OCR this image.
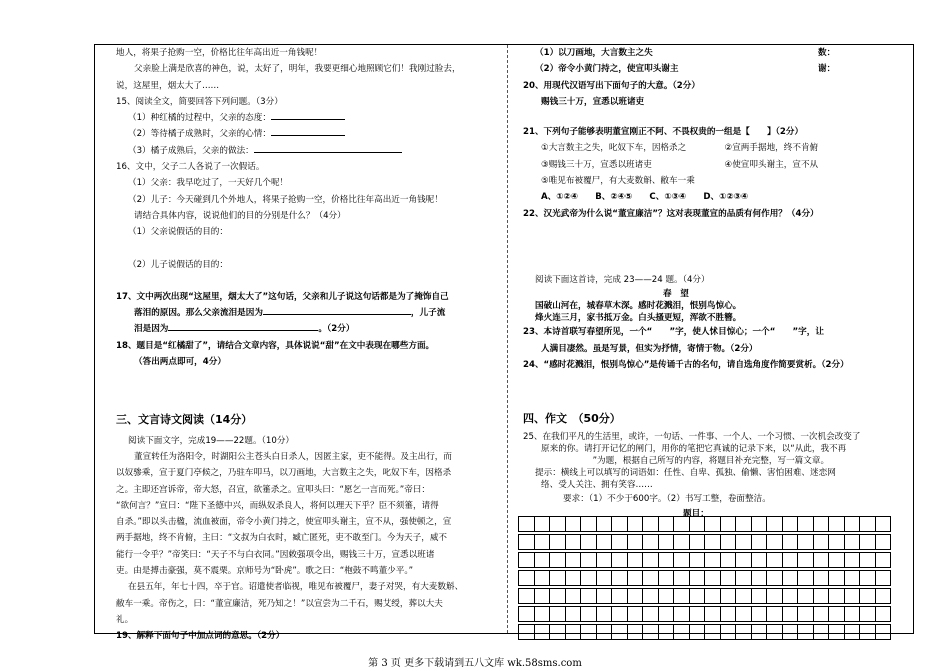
地人，将果子抢购一空，价格比往年高出近一角钱呢！
父亲脸上满是欣喜的神色，说，太好了，明年，我要更细心地照顾它们！我刚过脸去，
说，这屋里，烟太大了……
15、阅读全文，简要回答下列问题。（3分）
（1）种红橘的过程中，父亲的态度：
（2）等待橘子成熟时，父亲的心情：
（3）橘子成熟后，父亲的做法：
16、文中，父子二人各说了一次假话。
（1）父亲：我早吃过了，一天好几个呢！
（2）儿子：今天碰到几个外地人，将果子抢购一空，价格比往年高出近一角钱呢！
请结合具体内容，说说他们的目的分别是什么？（4分）
（1）父亲说假话的目的：
（2）儿子说假话的目的：
17、文中两次出现“这屋里，烟太大了”这句话，父亲和儿子说这句话都是为了掩饰自己
落泪的原因。那么父亲流泪是因为	，儿子流
泪是因为	。（2分）
18、题目是“红橘甜了”，请结合文章内容，具体说说“甜”在文中表现在哪些方面。
（答出两点即可，4分）
三、文言诗文阅读（14分）
阅读下面文字，完成19——22题。（10分）
董宣转任为洛阳令，时湖阳公主苍头白日杀人，因匿主家，吏不能得。及主出行，而
以奴骖乘，宣于夏门亭候之，乃驻车叩马，以刀画地，大言数主之失，叱奴下车，因格杀
之。主即还宫诉帝，帝大怒，召宣，欲箠杀之。宣叩头曰：“愿乞一言而死。”帝曰：
“欲何言？”宣曰：“陛下圣德中兴，而纵奴杀良人，将何以理天下乎？臣不须箠，请得
自杀。”即以头击楹，流血被面，帝令小黄门持之，使宣叩头谢主，宣不从，强使顿之，宣
两手据地，终不肯俯，主曰：“文叔为白衣时，臧亡匿死，吏不敢至门。今为天子，威不
能行一令乎？”帝笑曰：“天子不与白衣同。”因敕强项令出，赐钱三十万，宣悉以班诸
吏。由是搏击豪强，莫不震栗。京师号为“卧虎”。歌之曰：“枹鼓不鸣董少平。”
在县五年，年七十四，卒于官。诏遣使者临视，唯见布被覆尸，妻子对哭，有大麦数斛、
敝车一乘。帝伤之，曰：“董宣廉洁，死乃知之！”以宣尝为二千石，赐艾绶，葬以大夫
礼。
19、解释下面句子中加点词的意思。（2分）
（1）以刀画地，大言数主之失	数：
（2）帝令小黄门持之，使宣叩头谢主	谢：
20、用现代汉语写出下面句子的大意。（2分）
赐钱三十万，宣悉以班诸吏
21、下列句子能够表明董宣刚正不阿、不畏权贵的一组是【　　】（2分）
①大言数主之失，叱奴下车，因格杀之	②宣两手据地，终不肯俯
③赐钱三十万，宣悉以班诸吏	④使宣叩头谢主，宣不从
⑤唯见布被覆尸，有大麦数斛、敝车一乘
A、①②④　　B、②④⑤　　C、①③④　　D、①②③④
22、汉光武帝为什么说“董宣廉洁”？这对表现董宣的品质有何作用？（4分）
阅读下面这首诗，完成 23——24 题。（4分）
春　望
国破山河在，城春草木深。感时花溅泪，恨别鸟惊心。
烽火连三月，家书抵万金。白头搔更短，浑欲不胜簪。
23、本诗首联写春望所见，一个“　　”字，使人怵目惊心；一个“　　”字，让
人满目凄然。虽是写景，但实为抒情，寄情于物。（2分）
24、“感时花溅泪，恨别鸟惊心”是传诵千古的名句，请自选角度作简要赏析。（2分）
四、作文　（50分）
25、在我们平凡的生活里，或许，一句话、一件事、一个人、一个习惯、一次机会改变了
原来的你。请打开记忆的闸门，用你的笔把它真诚的记录下来，以“从此，我不再
　　　　　　”为题，根据自己所写的内容，将题目补充完整，写一篇文章。
提示：横线上可以填写的词语如：任性、自卑、孤独、偷懒、害怕困难、迷恋网
络、受人关注、拥有笑容……
要求：（1）不少于600字。（2）书写工整，卷面整洁。
题目：
第 3 页 更多下载请到五八文库 wk.58sms.com
